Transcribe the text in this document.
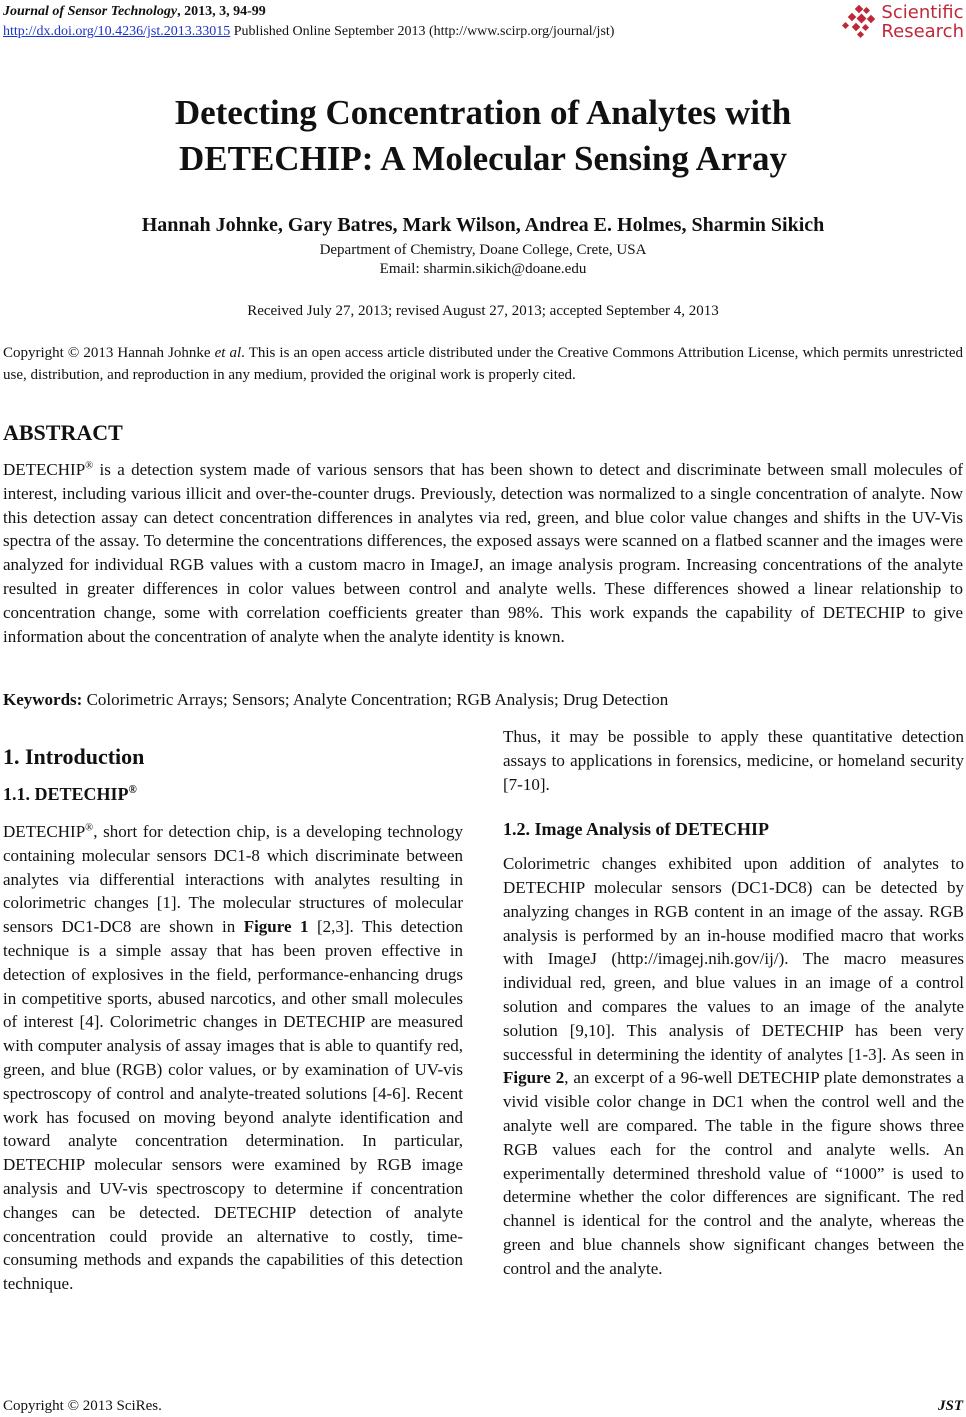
Journal of Sensor Technology, 2013, 3, 94-99
http://dx.doi.org/10.4236/jst.2013.33015 Published Online September 2013 (http://www.scirp.org/journal/jst)
Scientific
Research
Detecting Concentration of Analytes with
DETECHIP: A Molecular Sensing Array
Hannah Johnke, Gary Batres, Mark Wilson, Andrea E. Holmes, Sharmin Sikich
Department of Chemistry, Doane College, Crete, USA
Email: sharmin.sikich@doane.edu
Received July 27, 2013; revised August 27, 2013; accepted September 4, 2013
Copyright © 2013 Hannah Johnke et al. This is an open access article distributed under the Creative Commons Attribution License, which permits unrestricted use, distribution, and reproduction in any medium, provided the original work is properly cited.
ABSTRACT
DETECHIP® is a detection system made of various sensors that has been shown to detect and discriminate between small molecules of interest, including various illicit and over-the-counter drugs. Previously, detection was normalized to a single concentration of analyte. Now this detection assay can detect concentration differences in analytes via red, green, and blue color value changes and shifts in the UV-Vis spectra of the assay. To determine the concentrations differences, the exposed assays were scanned on a flatbed scanner and the images were analyzed for individual RGB values with a custom macro in ImageJ, an image analysis program. Increasing concentrations of the analyte resulted in greater differences in color values between control and analyte wells. These differences showed a linear relationship to concentration change, some with correlation coefficients greater than 98%. This work expands the capability of DETECHIP to give information about the concentration of analyte when the analyte identity is known.
Keywords: Colorimetric Arrays; Sensors; Analyte Concentration; RGB Analysis; Drug Detection
1. Introduction
1.1. DETECHIP®
DETECHIP®, short for detection chip, is a developing technology containing molecular sensors DC1-8 which discriminate between analytes via differential interactions with analytes resulting in colorimetric changes [1]. The molecular structures of molecular sensors DC1-DC8 are shown in Figure 1 [2,3]. This detection technique is a simple assay that has been proven effective in detection of explosives in the field, performance-enhancing drugs in competitive sports, abused narcotics, and other small molecules of interest [4]. Colorimetric changes in DETECHIP are measured with computer analysis of assay images that is able to quantify red, green, and blue (RGB) color values, or by examination of UV-vis spectroscopy of control and analyte-treated solutions [4-6]. Recent work has focused on moving beyond analyte identification and toward analyte concentration determination. In particular, DETECHIP molecular sensors were examined by RGB image analysis and UV-vis spectroscopy to determine if concentration changes can be detected. DETECHIP detection of analyte concentration could provide an alternative to costly, time-consuming methods and expands the capabilities of this detection technique.
Thus, it may be possible to apply these quantitative detection assays to applications in forensics, medicine, or homeland security [7-10].
1.2. Image Analysis of DETECHIP
Colorimetric changes exhibited upon addition of analytes to DETECHIP molecular sensors (DC1-DC8) can be detected by analyzing changes in RGB content in an image of the assay. RGB analysis is performed by an in-house modified macro that works with ImageJ (http://imagej.nih.gov/ij/). The macro measures individual red, green, and blue values in an image of a control solution and compares the values to an image of the analyte solution [9,10]. This analysis of DETECHIP has been very successful in determining the identity of analytes [1-3]. As seen in Figure 2, an excerpt of a 96-well DETECHIP plate demonstrates a vivid visible color change in DC1 when the control well and the analyte well are compared. The table in the figure shows three RGB values each for the control and analyte wells. An experimentally determined threshold value of “1000” is used to determine whether the color differences are significant. The red channel is identical for the control and the analyte, whereas the green and blue channels show significant changes between the control and the analyte.
Copyright © 2013 SciRes.	JST
